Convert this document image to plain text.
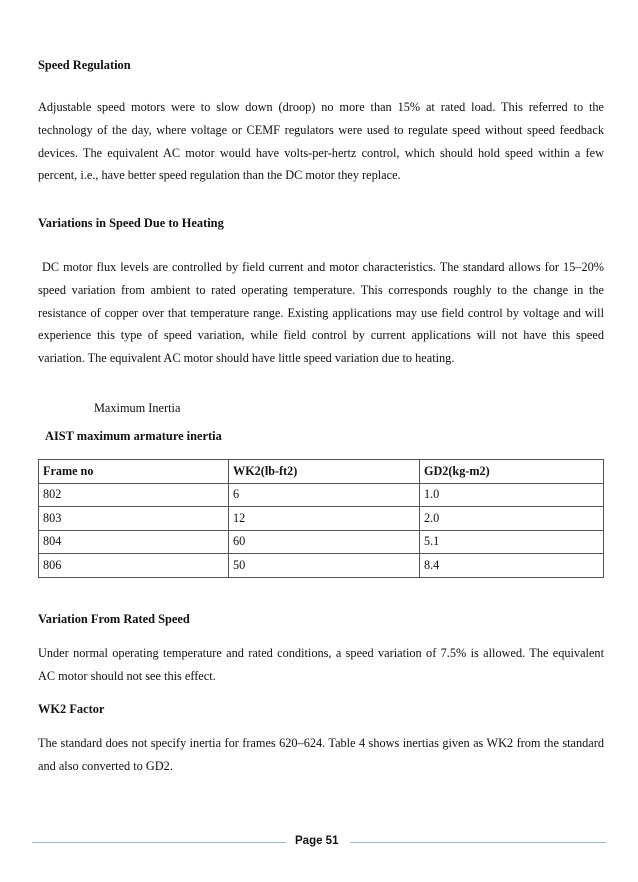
Speed Regulation
Adjustable speed motors were to slow down (droop) no more than 15% at rated load. This referred to the technology of the day, where voltage or CEMF regulators were used to regulate speed without speed feedback devices. The equivalent AC motor would have volts-per-hertz control, which should hold speed within a few percent, i.e., have better speed regulation than the DC motor they replace.
Variations in Speed Due to Heating
DC motor flux levels are controlled by field current and motor characteristics. The standard allows for 15–20% speed variation from ambient to rated operating temperature. This corresponds roughly to the change in the resistance of copper over that temperature range. Existing applications may use field control by voltage and will experience this type of speed variation, while field control by current applications will not have this speed variation. The equivalent AC motor should have little speed variation due to heating.
Maximum Inertia
AIST maximum armature inertia
Frame no	WK2(lb-ft2)	GD2(kg-m2)
802	6	1.0
803	12	2.0
804	60	5.1
806	50	8.4
Variation From Rated Speed
Under normal operating temperature and rated conditions, a speed variation of 7.5% is allowed. The equivalent AC motor should not see this effect.
WK2 Factor
The standard does not specify inertia for frames 620–624. Table 4 shows inertias given as WK2 from the standard and also converted to GD2.
Page 51
